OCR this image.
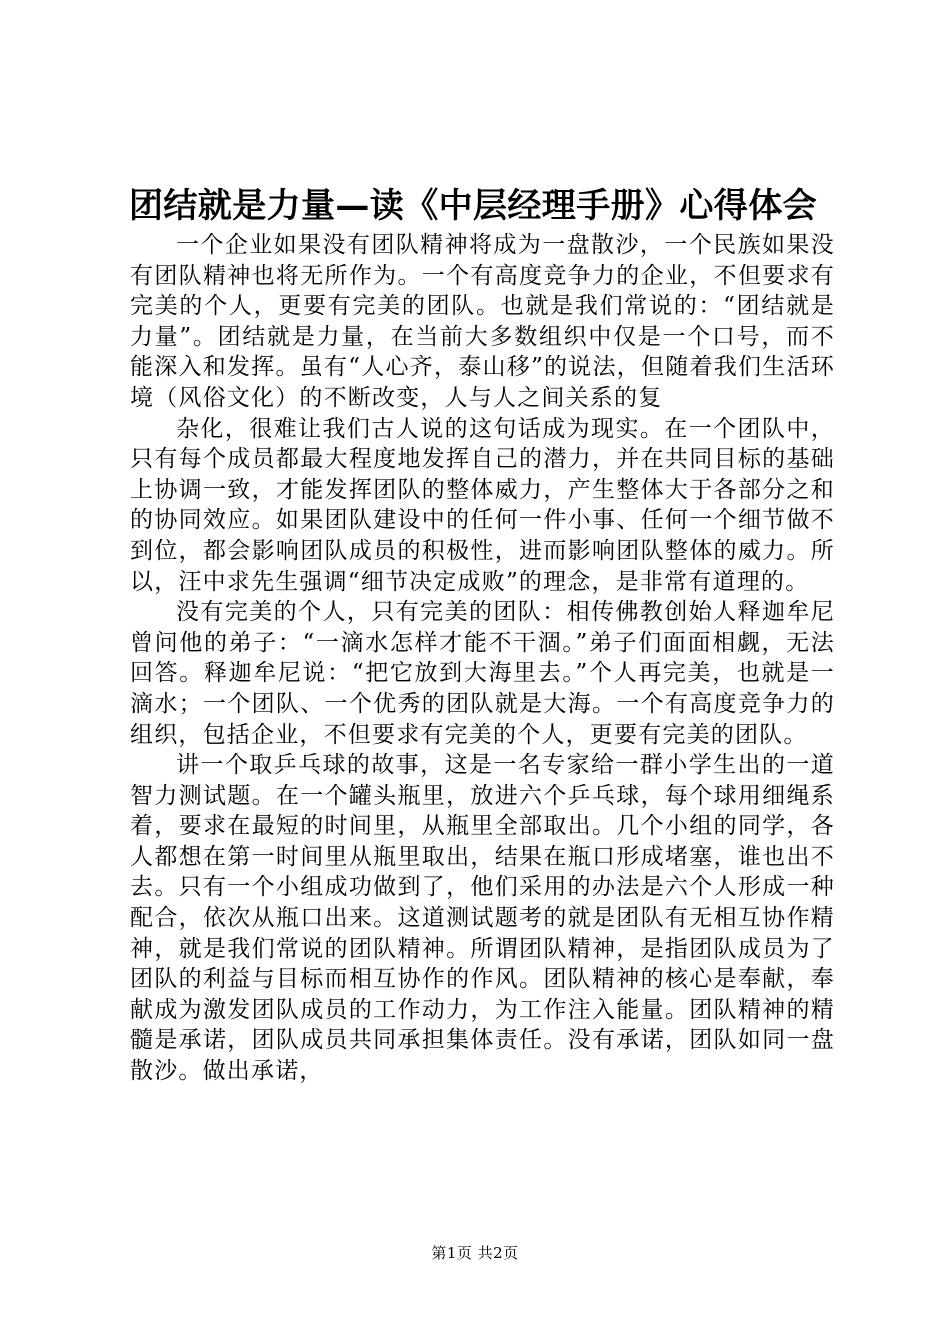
团结就是力量—读《中层经理手册》心得体会

一个企业如果没有团队精神将成为一盘散沙，一个民族如果没有团队精神也将无所作为。一个有高度竞争力的企业，不但要求有完美的个人，更要有完美的团队。也就是我们常说的：“团结就是力量”。团结就是力量，在当前大多数组织中仅是一个口号，而不能深入和发挥。虽有“人心齐，泰山移”的说法，但随着我们生活环境（风俗文化）的不断改变，人与人之间关系的复

杂化，很难让我们古人说的这句话成为现实。在一个团队中，只有每个成员都最大程度地发挥自己的潜力，并在共同目标的基础上协调一致，才能发挥团队的整体威力，产生整体大于各部分之和的协同效应。如果团队建设中的任何一件小事、任何一个细节做不到位，都会影响团队成员的积极性，进而影响团队整体的威力。所以，汪中求先生强调“细节决定成败”的理念，是非常有道理的。

没有完美的个人，只有完美的团队：相传佛教创始人释迦牟尼曾问他的弟子：“一滴水怎样才能不干涸。”弟子们面面相觑，无法回答。释迦牟尼说：“把它放到大海里去。”个人再完美，也就是一滴水；一个团队、一个优秀的团队就是大海。一个有高度竞争力的组织，包括企业，不但要求有完美的个人，更要有完美的团队。

讲一个取乒乓球的故事，这是一名专家给一群小学生出的一道智力测试题。在一个罐头瓶里，放进六个乒乓球，每个球用细绳系着，要求在最短的时间里，从瓶里全部取出。几个小组的同学，各人都想在第一时间里从瓶里取出，结果在瓶口形成堵塞，谁也出不去。只有一个小组成功做到了，他们采用的办法是六个人形成一种配合，依次从瓶口出来。这道测试题考的就是团队有无相互协作精神，就是我们常说的团队精神。所谓团队精神，是指团队成员为了团队的利益与目标而相互协作的作风。团队精神的核心是奉献，奉献成为激发团队成员的工作动力，为工作注入能量。团队精神的精髓是承诺，团队成员共同承担集体责任。没有承诺，团队如同一盘散沙。做出承诺，

第1页 共2页
